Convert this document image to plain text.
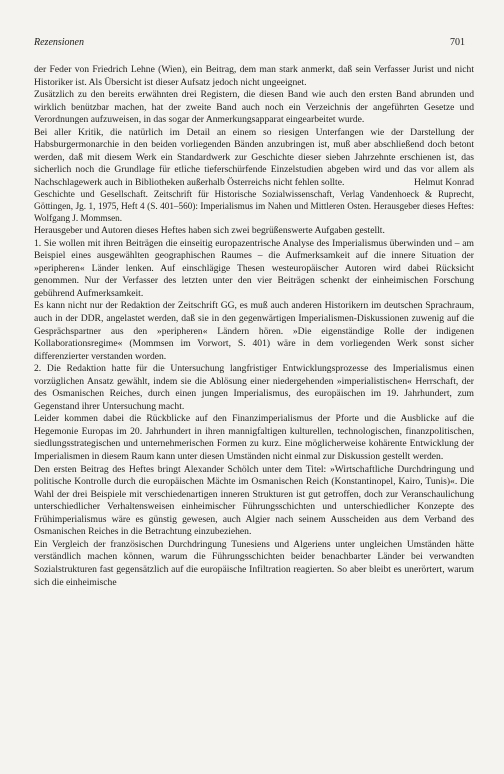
Rezensionen	701

der Feder von Friedrich Lehne (Wien), ein Beitrag, dem man stark anmerkt, daß sein Verfasser Jurist und nicht Historiker ist. Als Übersicht ist dieser Aufsatz jedoch nicht ungeeignet.

Zusätzlich zu den bereits erwähnten drei Registern, die diesen Band wie auch den ersten Band abrunden und wirklich benützbar machen, hat der zweite Band auch noch ein Verzeichnis der angeführten Gesetze und Verordnungen aufzuweisen, in das sogar der Anmerkungsapparat eingearbeitet wurde.

Bei aller Kritik, die natürlich im Detail an einem so riesigen Unterfangen wie der Darstellung der Habsburgermonarchie in den beiden vorliegenden Bänden anzubringen ist, muß aber abschließend doch betont werden, daß mit diesem Werk ein Standardwerk zur Geschichte dieser sieben Jahrzehnte erschienen ist, das sicherlich noch die Grundlage für etliche tieferschürfende Einzelstudien abgeben wird und das vor allem als Nachschlagewerk auch in Bibliotheken außerhalb Österreichs nicht fehlen sollte.	Helmut Konrad

Geschichte und Gesellschaft. Zeitschrift für Historische Sozialwissenschaft, Verlag Vandenhoeck & Ruprecht, Göttingen, Jg. 1, 1975, Heft 4 (S. 401–560): Imperialismus im Nahen und Mittleren Osten. Herausgeber dieses Heftes: Wolfgang J. Mommsen.

Herausgeber und Autoren dieses Heftes haben sich zwei begrüßenswerte Aufgaben gestellt.

1. Sie wollen mit ihren Beiträgen die einseitig europazentrische Analyse des Imperialismus überwinden und – am Beispiel eines ausgewählten geographischen Raumes – die Aufmerksamkeit auf die innere Situation der »peripheren« Länder lenken. Auf einschlägige Thesen westeuropäischer Autoren wird dabei Rücksicht genommen. Nur der Verfasser des letzten unter den vier Beiträgen schenkt der einheimischen Forschung gebührend Aufmerksamkeit.

Es kann nicht nur der Redaktion der Zeitschrift GG, es muß auch anderen Historikern im deutschen Sprachraum, auch in der DDR, angelastet werden, daß sie in den gegenwärtigen Imperialismen-Diskussionen zuwenig auf die Gesprächspartner aus den »peripheren« Ländern hören. »Die eigenständige Rolle der indigenen Kollaborationsregime« (Mommsen im Vorwort, S. 401) wäre in dem vorliegenden Werk sonst sicher differenzierter verstanden worden.

2. Die Redaktion hatte für die Untersuchung langfristiger Entwicklungsprozesse des Imperialismus einen vorzüglichen Ansatz gewählt, indem sie die Ablösung einer niedergehenden »imperialistischen« Herrschaft, der des Osmanischen Reiches, durch einen jungen Imperialismus, des europäischen im 19. Jahrhundert, zum Gegenstand ihrer Untersuchung macht.

Leider kommen dabei die Rückblicke auf den Finanzimperialismus der Pforte und die Ausblicke auf die Hegemonie Europas im 20. Jahrhundert in ihren mannigfaltigen kulturellen, technologischen, finanzpolitischen, siedlungsstrategischen und unternehmerischen Formen zu kurz. Eine möglicherweise kohärente Entwicklung der Imperialismen in diesem Raum kann unter diesen Umständen nicht einmal zur Diskussion gestellt werden.

Den ersten Beitrag des Heftes bringt Alexander Schölch unter dem Titel: »Wirtschaftliche Durchdringung und politische Kontrolle durch die europäischen Mächte im Osmanischen Reich (Konstantinopel, Kairo, Tunis)«. Die Wahl der drei Beispiele mit verschiedenartigen inneren Strukturen ist gut getroffen, doch zur Veranschaulichung unterschiedlicher Verhaltensweisen einheimischer Führungsschichten und unterschiedlicher Konzepte des Frühimperialismus wäre es günstig gewesen, auch Algier nach seinem Ausscheiden aus dem Verband des Osmanischen Reiches in die Betrachtung einzubeziehen.

Ein Vergleich der französischen Durchdringung Tunesiens und Algeriens unter ungleichen Umständen hätte verständlich machen können, warum die Führungsschichten beider benachbarter Länder bei verwandten Sozialstrukturen fast gegensätzlich auf die europäische Infiltration reagierten. So aber bleibt es unerörtert, warum sich die einheimische
